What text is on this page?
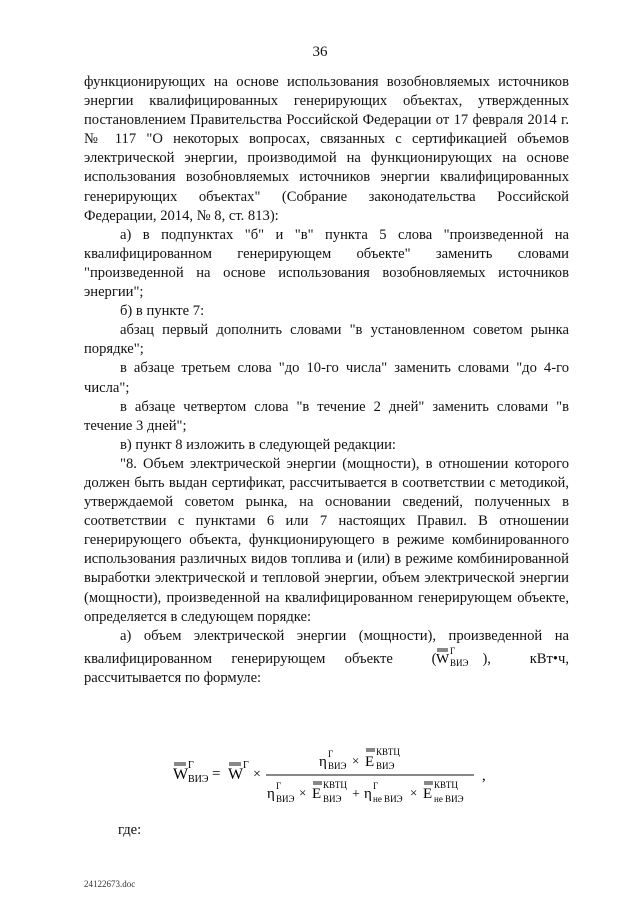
36

функционирующих на основе использования возобновляемых источников энергии квалифицированных генерирующих объектах, утвержденных постановлением Правительства Российской Федерации от 17 февраля 2014 г. № 117 "О некоторых вопросах, связанных с сертификацией объемов электрической энергии, производимой на функционирующих на основе использования возобновляемых источников энергии квалифицированных генерирующих объектах" (Собрание законодательства Российской Федерации, 2014, № 8, ст. 813):

а) в подпунктах "б" и "в" пункта 5 слова "произведенной на квалифицированном генерирующем объекте" заменить словами "произведенной на основе использования возобновляемых источников энергии";

б) в пункте 7:

абзац первый дополнить словами "в установленном советом рынка порядке";

в абзаце третьем слова "до 10-го числа" заменить словами "до 4-го числа";

в абзаце четвертом слова "в течение 2 дней" заменить словами "в течение 3 дней";

в) пункт 8 изложить в следующей редакции:

"8. Объем электрической энергии (мощности), в отношении которого должен быть выдан сертификат, рассчитывается в соответствии с методикой, утверждаемой советом рынка, на основании сведений, полученных в соответствии с пунктами 6 или 7 настоящих Правил. В отношении генерирующего объекта, функционирующего в режиме комбинированного использования различных видов топлива и (или) в режиме комбинированной выработки электрической и тепловой энергии, объем электрической энергии (мощности), произведенной на квалифицированном генерирующем объекте, определяется в следующем порядке:

а) объем электрической энергии (мощности), произведенной на квалифицированном генерирующем объекте	( W
Г
ВИЭ ),	кВт•ч, рассчитывается по формуле:

W
Г
ВИЭ = W
Г
×
η Г
ВИЭ × E
КВТЦ
ВИЭ
η Г
ВИЭ × E
КВТЦ
ВИЭ + η Г
не ВИЭ × E
КВТЦ
не ВИЭ
,
где:
24122673.doc
